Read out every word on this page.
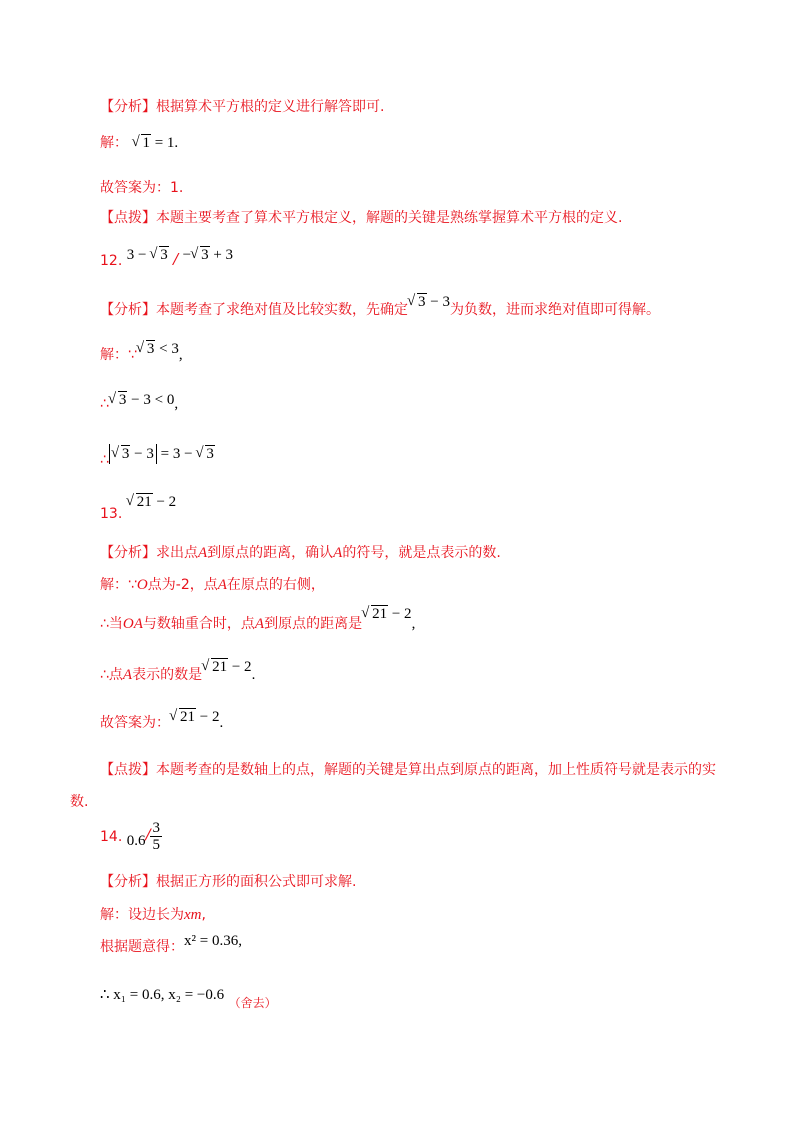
【分析】根据算术平方根的定义进行解答即可.
解： √ 1 = 1.
故答案为：1.
【点拨】本题主要考查了算术平方根定义，解题的关键是熟练掌握算术平方根的定义.
12. 3 − √ 3 / − √ 3 + 3
【分析】本题考查了求绝对值及比较实数，先确定 √ 3 − 3为负数，进而求绝对值即可得解。
解：∵ √ 3 < 3,
∴ √ 3 − 3 < 0,
∴ √ 3 − 3 = 3 − √ 3
13. √ 21 − 2
【分析】求出点A到原点的距离，确认A的符号，就是点表示的数.
解：∵O点为-2，点A在原点的右侧，
∴当OA与数轴重合时，点A到原点的距离是√ 21 − 2,
∴点A表示的数是 √ 21 − 2.
故答案为： √ 21 − 2.
【点拨】本题考查的是数轴上的点，解题的关键是算出点到原点的距离，加上性质符号就是表示的实
数.
14. $0.6/ \frac{3}{5}$
【分析】根据正方形的面积公式即可求解.
解：设边长为xm,
根据题意得：x² = 0.36,
∴ x₁ = 0.6, x₂ = −0.6 （舍去）
